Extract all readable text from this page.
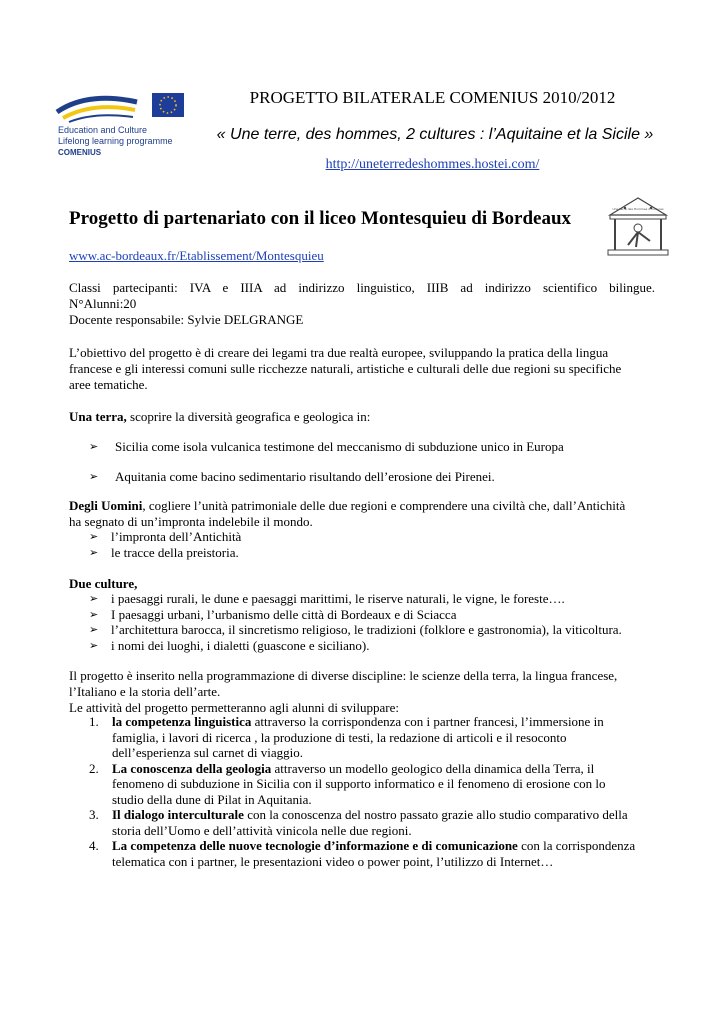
Education and Culture
Lifelong learning programme
COMENIUS
PROGETTO BILATERALE COMENIUS 2010/2012
« Une terre, des hommes, 2 cultures : l’Aquitaine et la Sicile »
http://uneterredeshommes.hostei.com/
Progetto di partenariato con il liceo Montesquieu di Bordeaux	Une Terre des Hommes 2 Cultures
www.ac-bordeaux.fr/Etablissement/Montesquieu
Classi partecipanti: IVA e IIIA ad indirizzo linguistico, IIIB ad indirizzo scientifico bilingue.
N°Alunni:20
Docente responsabile: Sylvie DELGRANGE
L’obiettivo del progetto è di creare dei legami tra due realtà europee, sviluppando la pratica della lingua
francese e gli interessi comuni sulle ricchezze naturali, artistiche e culturali delle due regioni su specifiche
aree tematiche.
Una terra, scoprire la diversità geografica e geologica in:
➢	Sicilia come isola vulcanica testimone del meccanismo di subduzione unico in Europa
➢	Aquitania come bacino sedimentario risultando dell’erosione dei Pirenei.
Degli Uomini, cogliere l’unità patrimoniale delle due regioni e comprendere una civiltà che, dall’Antichità
ha segnato di un’impronta indelebile il mondo.
➢ l’impronta dell’Antichità
➢ le tracce della preistoria.
Due culture,
➢ i paesaggi rurali, le dune e paesaggi marittimi, le riserve naturali, le vigne, le foreste….
➢ I paesaggi urbani, l’urbanismo delle città di Bordeaux e di Sciacca
➢ l’architettura barocca, il sincretismo religioso, le tradizioni (folklore e gastronomia), la viticoltura.
➢ i nomi dei luoghi, i dialetti (guascone e siciliano).
Il progetto è inserito nella programmazione di diverse discipline: le scienze della terra, la lingua francese,
l’Italiano e la storia dell’arte.
Le attività del progetto permetteranno agli alunni di sviluppare:
1.	la competenza linguistica attraverso la corrispondenza con i partner francesi, l’immersione in
famiglia, i lavori di ricerca , la produzione di testi, la redazione di articoli e il resoconto
dell’esperienza sul carnet di viaggio.
2.	La conoscenza della geologia attraverso un modello geologico della dinamica della Terra, il
fenomeno di subduzione in Sicilia con il supporto informatico e il fenomeno di erosione con lo
studio della dune di Pilat in Aquitania.
3.	Il dialogo interculturale con la conoscenza del nostro passato grazie allo studio comparativo della
storia dell’Uomo e dell’attività vinicola nelle due regioni.
4.	La competenza delle nuove tecnologie d’informazione e di comunicazione con la corrispondenza
telematica con i partner, le presentazioni video o power point, l’utilizzo di Internet…
